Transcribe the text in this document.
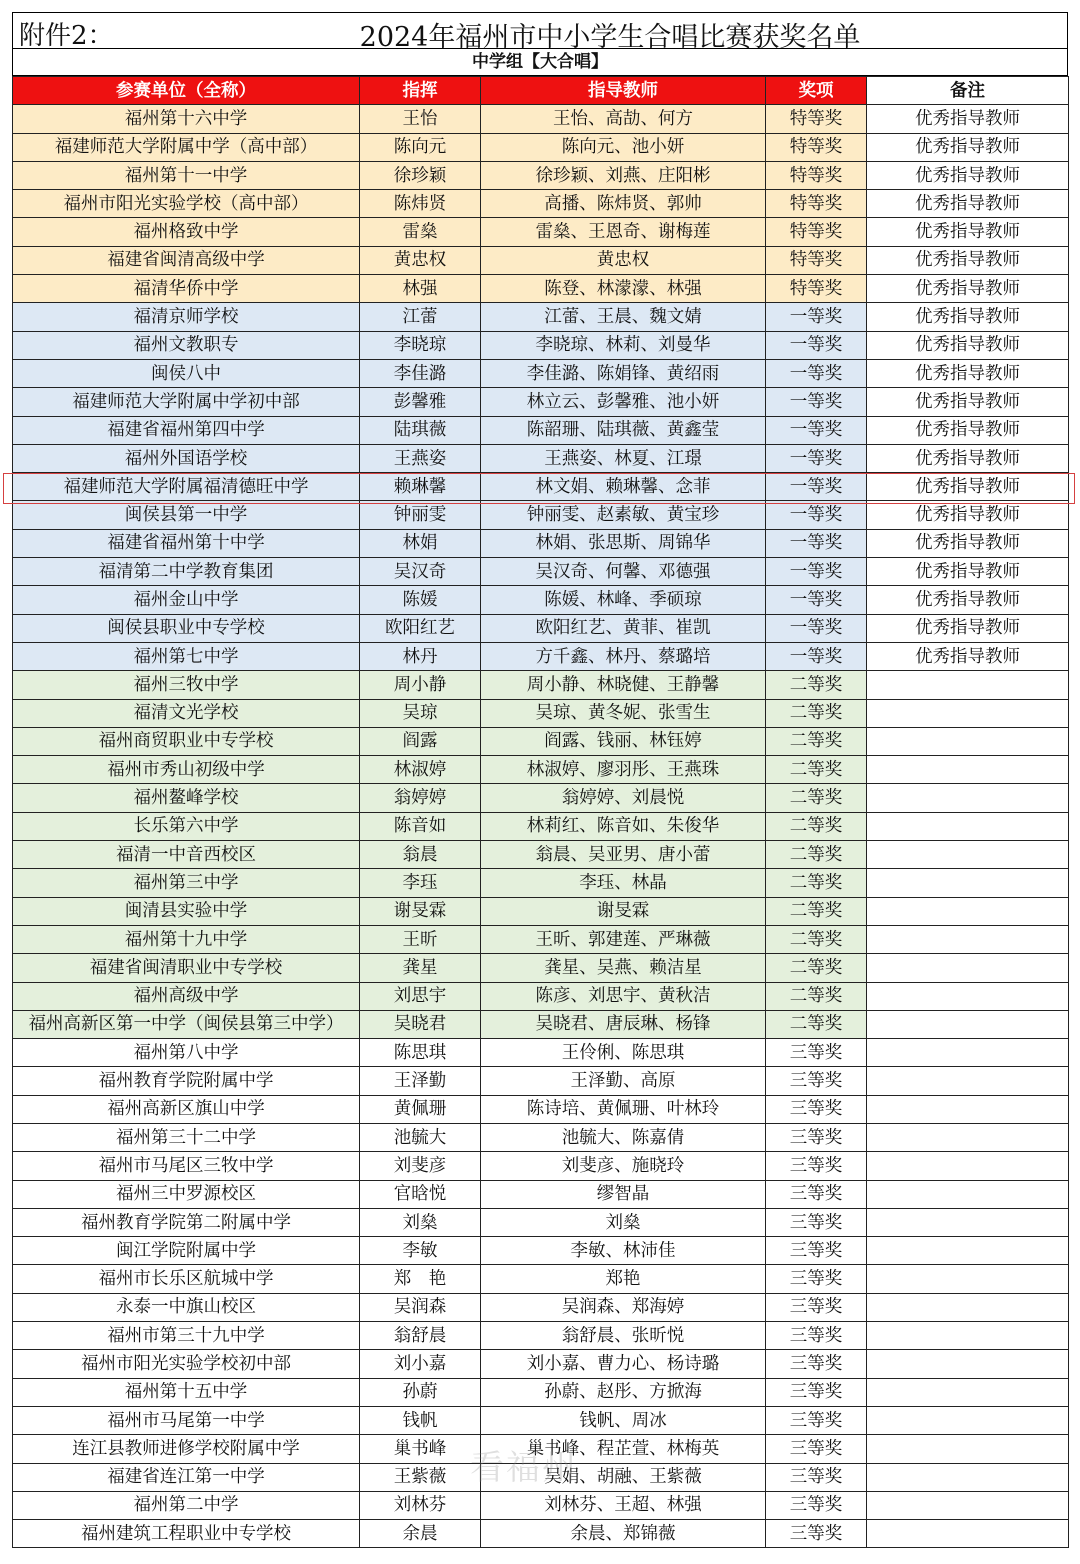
附件2：	2024年福州市中小学生合唱比赛获奖名单
中学组【大合唱】
参赛单位（全称）	指挥	指导教师	奖项	备注
福州第十六中学	王怡	王怡、高劼、何方	特等奖	优秀指导教师
福建师范大学附属中学（高中部）	陈向元	陈向元、池小妍	特等奖	优秀指导教师
福州第十一中学	徐珍颖	徐珍颖、刘燕、庄阳彬	特等奖	优秀指导教师
福州市阳光实验学校（高中部）	陈炜贤	高播、陈炜贤、郭帅	特等奖	优秀指导教师
福州格致中学	雷燊	雷燊、王恩奇、谢梅莲	特等奖	优秀指导教师
福建省闽清高级中学	黄忠权	黄忠权	特等奖	优秀指导教师
福清华侨中学	林强	陈登、林濛濛、林强	特等奖	优秀指导教师
福清京师学校	江蕾	江蕾、王晨、魏文婧	一等奖	优秀指导教师
福州文教职专	李晓琼	李晓琼、林莉、刘曼华	一等奖	优秀指导教师
闽侯八中	李佳潞	李佳潞、陈娟锋、黄绍雨	一等奖	优秀指导教师
福建师范大学附属中学初中部	彭馨雅	林立云、彭馨雅、池小妍	一等奖	优秀指导教师
福建省福州第四中学	陆琪薇	陈韶珊、陆琪薇、黄鑫莹	一等奖	优秀指导教师
福州外国语学校	王燕姿	王燕姿、林夏、江璟	一等奖	优秀指导教师
福建师范大学附属福清德旺中学	赖琳馨	林文娟、赖琳馨、念菲	一等奖	优秀指导教师
闽侯县第一中学	钟丽雯	钟丽雯、赵素敏、黄宝珍	一等奖	优秀指导教师
福建省福州第十中学	林娟	林娟、张思斯、周锦华	一等奖	优秀指导教师
福清第二中学教育集团	吴汉奇	吴汉奇、何馨、邓德强	一等奖	优秀指导教师
福州金山中学	陈媛	陈媛、林峰、季硕琼	一等奖	优秀指导教师
闽侯县职业中专学校	欧阳红艺	欧阳红艺、黄菲、崔凯	一等奖	优秀指导教师
福州第七中学	林丹	方千鑫、林丹、蔡璐培	一等奖	优秀指导教师
福州三牧中学	周小静	周小静、林晓健、王静馨	二等奖	
福清文光学校	吴琼	吴琼、黄冬妮、张雪生	二等奖	
福州商贸职业中专学校	阎露	阎露、钱丽、林钰婷	二等奖	
福州市秀山初级中学	林淑婷	林淑婷、廖羽彤、王燕珠	二等奖	
福州鳌峰学校	翁婷婷	翁婷婷、刘晨悦	二等奖	
长乐第六中学	陈音如	林莉红、陈音如、朱俊华	二等奖	
福清一中音西校区	翁晨	翁晨、吴亚男、唐小蕾	二等奖	
福州第三中学	李珏	李珏、林晶	二等奖	
闽清县实验中学	谢旻霖	谢旻霖	二等奖	
福州第十九中学	王昕	王昕、郭建莲、严琳薇	二等奖	
福建省闽清职业中专学校	龚星	龚星、吴燕、赖洁星	二等奖	
福州高级中学	刘思宇	陈彦、刘思宇、黄秋洁	二等奖	
福州高新区第一中学（闽侯县第三中学）	吴晓君	吴晓君、唐辰琳、杨锋	二等奖	
福州第八中学	陈思琪	王伶俐、陈思琪	三等奖	
福州教育学院附属中学	王泽勤	王泽勤、高原	三等奖	
福州高新区旗山中学	黄佩珊	陈诗培、黄佩珊、叶林玲	三等奖	
福州第三十二中学	池毓大	池毓大、陈嘉倩	三等奖	
福州市马尾区三牧中学	刘斐彦	刘斐彦、施晓玲	三等奖	
福州三中罗源校区	官晗悦	缪智晶	三等奖	
福州教育学院第二附属中学	刘燊	刘燊	三等奖	
闽江学院附属中学	李敏	李敏、林沛佳	三等奖	
福州市长乐区航城中学	郑　艳	郑艳	三等奖	
永泰一中旗山校区	吴润森	吴润森、郑海婷	三等奖	
福州市第三十九中学	翁舒晨	翁舒晨、张昕悦	三等奖	
福州市阳光实验学校初中部	刘小嘉	刘小嘉、曹力心、杨诗璐	三等奖	
福州第十五中学	孙蔚	孙蔚、赵彤、方掀海	三等奖	
福州市马尾第一中学	钱帆	钱帆、周冰	三等奖	
连江县教师进修学校附属中学	巢书峰	巢书峰、程芷萱、林梅英	三等奖	
福建省连江第一中学	王紫薇	吴娟、胡融、王紫薇	三等奖	
福州第二中学	刘林芬	刘林芬、王超、林强	三等奖	
福州建筑工程职业中专学校	余晨	余晨、郑锦薇	三等奖	
看福州
